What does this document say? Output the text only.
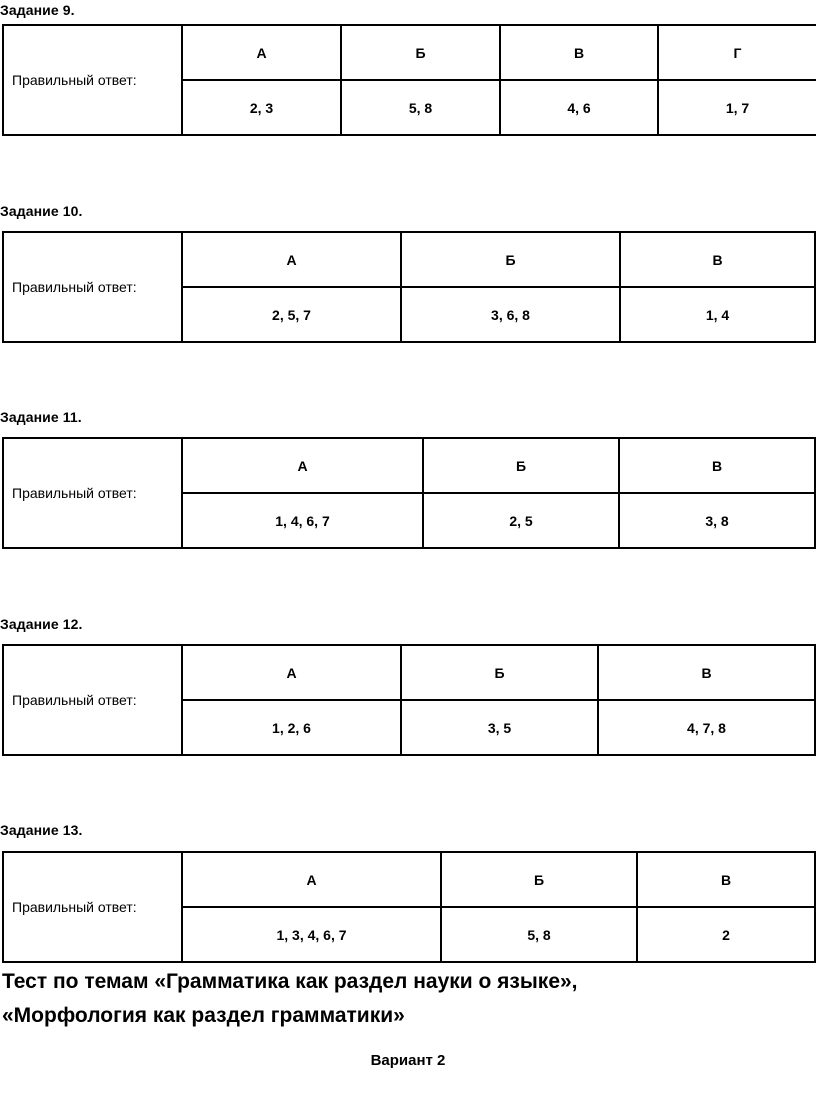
Задание 9.
Правильный ответ:	А	Б	В	Г
	2, 3	5, 8	4, 6	1, 7
Задание 10.
Правильный ответ:	А	Б	В
	2, 5, 7	3, 6, 8	1, 4
Задание 11.
Правильный ответ:	А	Б	В
	1, 4, 6, 7	2, 5	3, 8
Задание 12.
Правильный ответ:	А	Б	В
	1, 2, 6	3, 5	4, 7, 8
Задание 13.
Правильный ответ:	А	Б	В
	1, 3, 4, 6, 7	5, 8	2
Тест по темам «Грамматика как раздел науки о языке»,
«Морфология как раздел грамматики»
Вариант 2
